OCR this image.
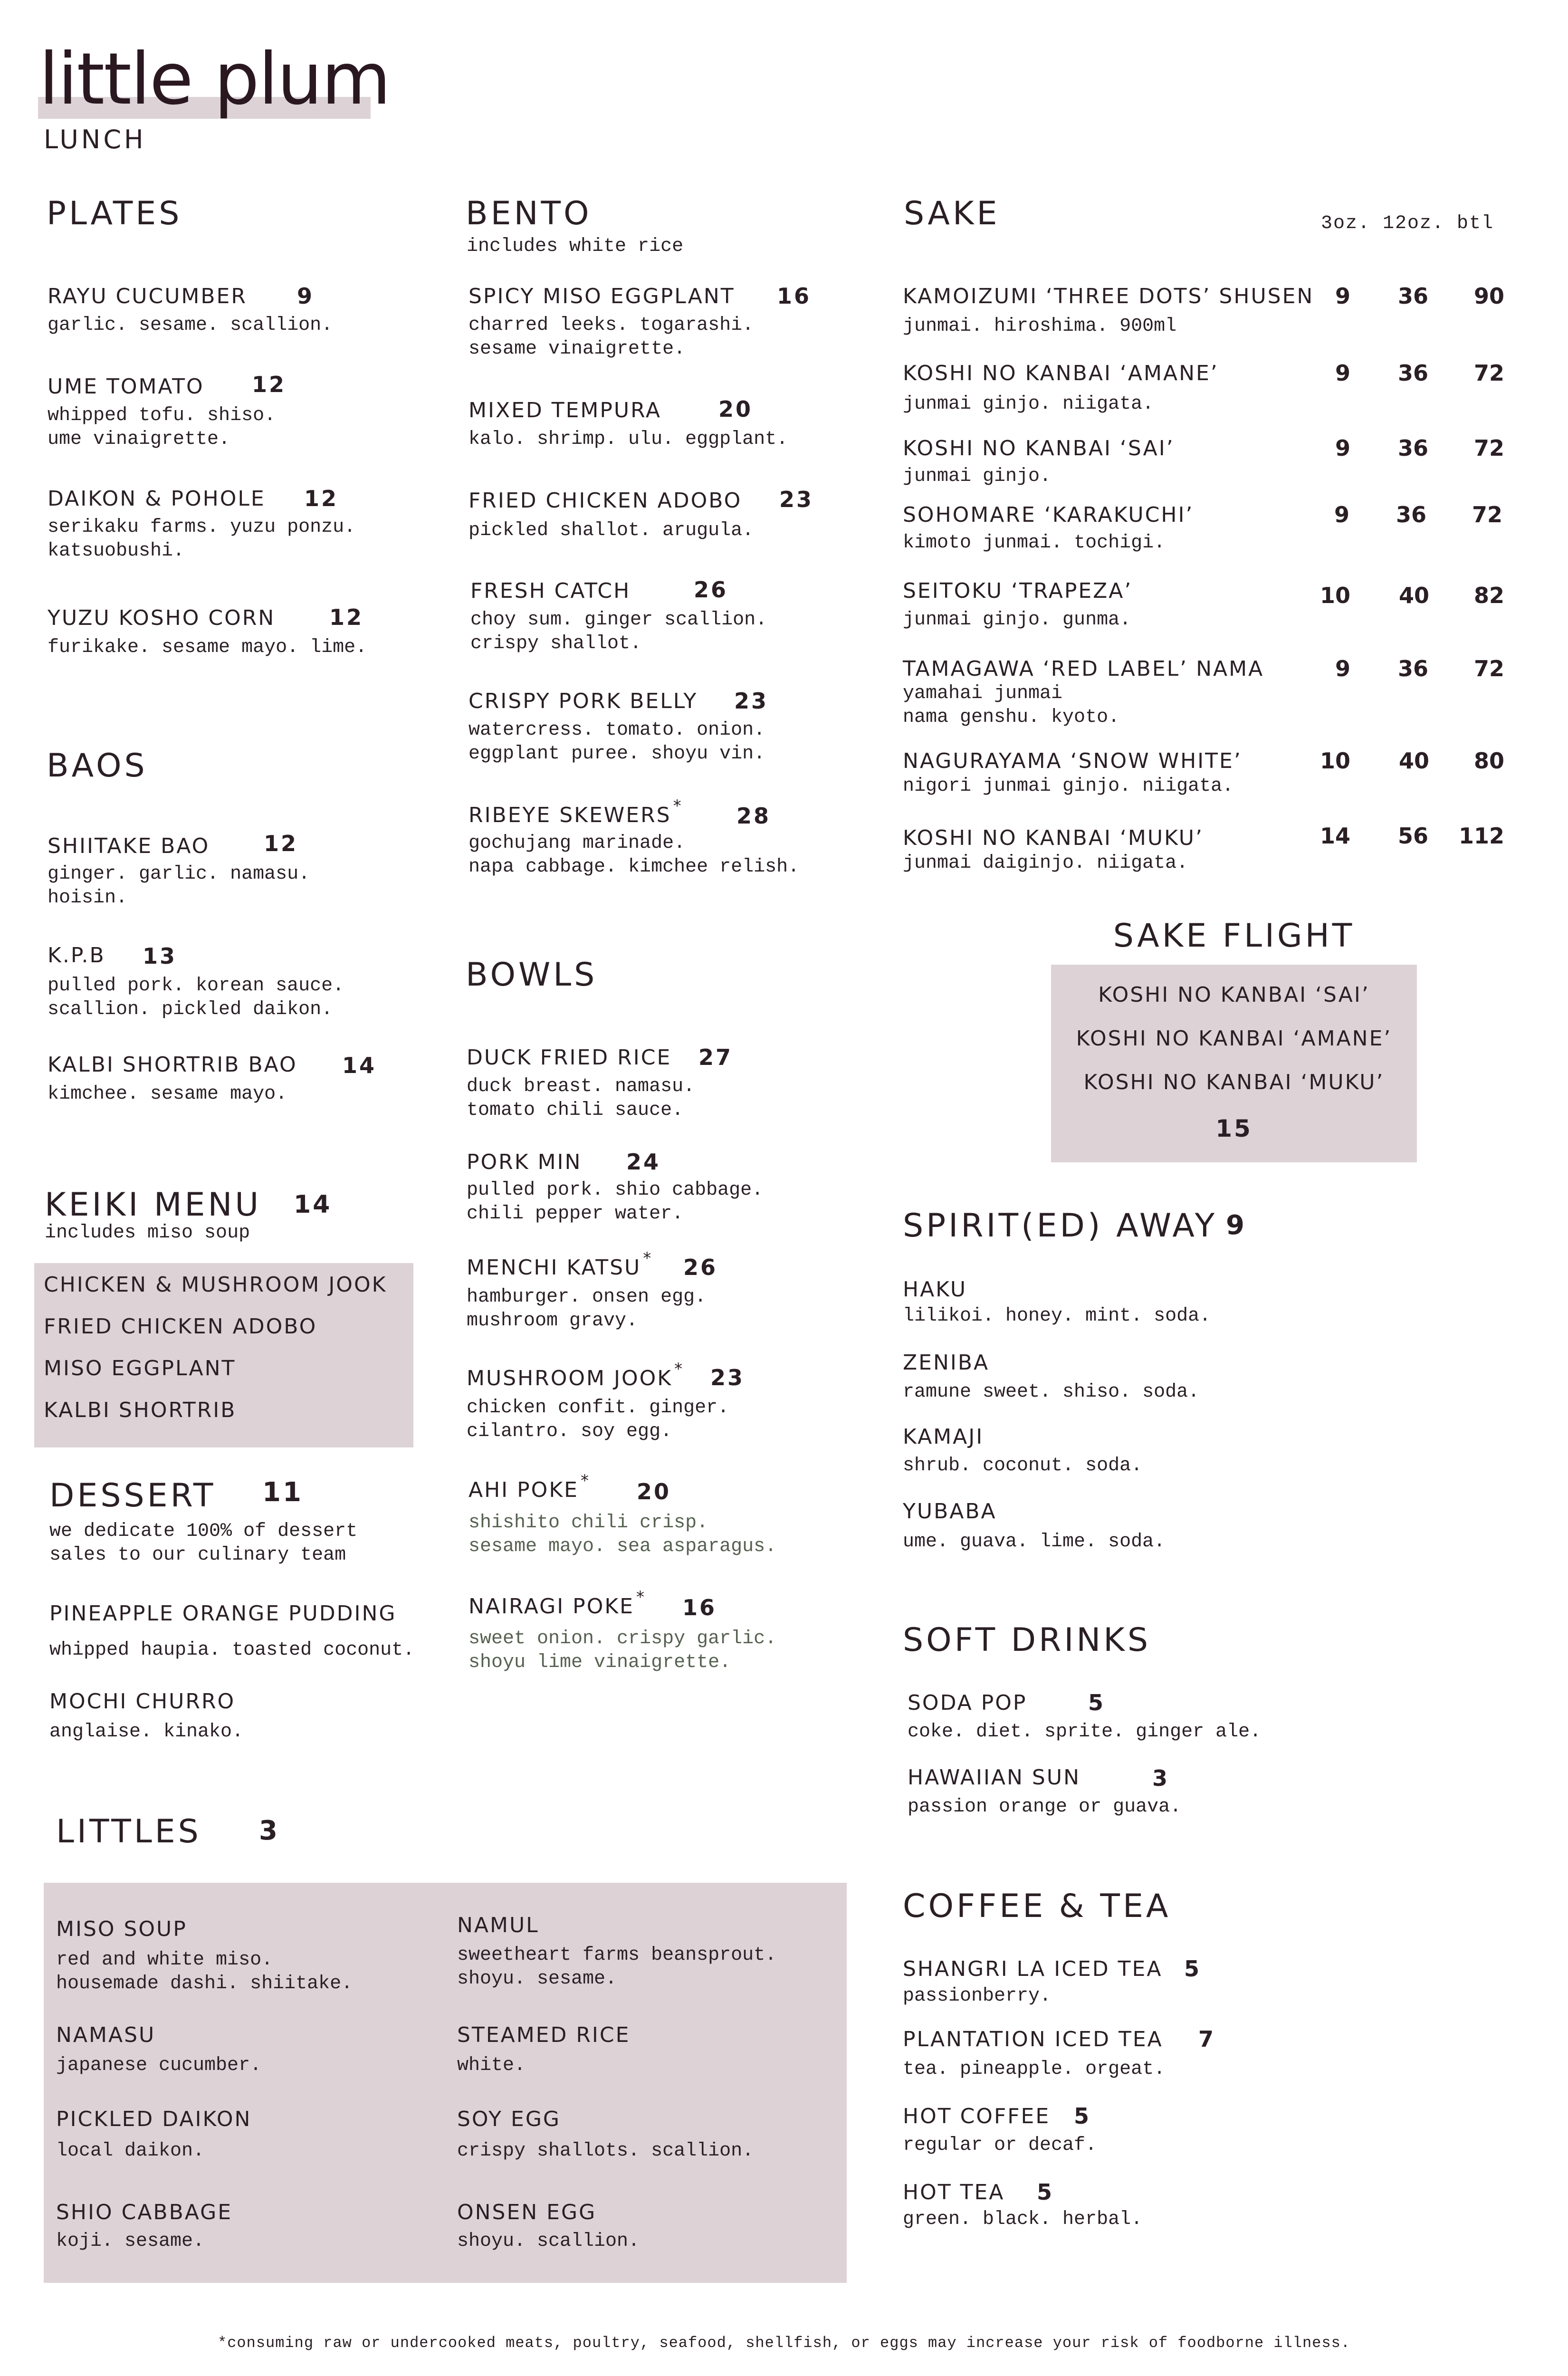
little plum
LUNCH
PLATES
RAYU CUCUMBER 9
garlic. sesame. scallion.
UME TOMATO 12
whipped tofu. shiso.
ume vinaigrette.
DAIKON & POHOLE 12
serikaku farms. yuzu ponzu.
katsuobushi.
YUZU KOSHO CORN 12
furikake. sesame mayo. lime.
BAOS
SHIITAKE BAO 12
ginger. garlic. namasu.
hoisin.
K.P.B 13
pulled pork. korean sauce.
scallion. pickled daikon.
KALBI SHORTRIB BAO 14
kimchee. sesame mayo.
KEIKI MENU 14
includes miso soup
CHICKEN & MUSHROOM JOOK
FRIED CHICKEN ADOBO
MISO EGGPLANT
KALBI SHORTRIB
DESSERT 11
we dedicate 100% of dessert
sales to our culinary team
PINEAPPLE ORANGE PUDDING
whipped haupia. toasted coconut.
MOCHI CHURRO
anglaise. kinako.
BENTO
includes white rice
SPICY MISO EGGPLANT 16
charred leeks. togarashi.
sesame vinaigrette.
MIXED TEMPURA	20
kalo. shrimp. ulu. eggplant.
FRIED CHICKEN ADOBO 23
pickled shallot. arugula.
FRESH CATCH	26
choy sum. ginger scallion.
crispy shallot.
CRISPY PORK BELLY 23
watercress. tomato. onion.
eggplant puree. shoyu vin.
RIBEYE SKEWERS * 28
gochujang marinade.
napa cabbage. kimchee relish.
BOWLS
DUCK FRIED RICE 27
duck breast. namasu.
tomato chili sauce.
PORK MIN 24
pulled pork. shio cabbage.
chili pepper water.
MENCHI KATSU * 26
hamburger. onsen egg.
mushroom gravy.
MUSHROOM JOOK * 23
chicken confit. ginger.
cilantro. soy egg.
AHI POKE * 20
shishito chili crisp.
sesame mayo. sea asparagus.
NAIRAGI POKE * 16
sweet onion. crispy garlic.
shoyu lime vinaigrette.
LITTLES 3
MISO SOUP
red and white miso.
housemade dashi. shiitake.
NAMASU
japanese cucumber.
PICKLED DAIKON
local daikon.
SHIO CABBAGE
koji. sesame.
NAMUL
sweetheart farms beansprout.
shoyu. sesame.
STEAMED RICE
white.
SOY EGG
crispy shallots. scallion.
ONSEN EGG
shoyu. scallion.
SAKE	3oz. 12oz. btl
KAMOIZUMI ‘THREE DOTS’ SHUSEN
junmai. hiroshima. 900ml
9	36	90
KOSHI NO KANBAI ‘AMANE’
junmai ginjo. niigata.
9	36	72
KOSHI NO KANBAI ‘SAI’
junmai ginjo.
9	36	72
SOHOMARE ‘KARAKUCHI’
kimoto junmai. tochigi.
9	36	72
SEITOKU ‘TRAPEZA’
junmai ginjo. gunma.
10	40	82
TAMAGAWA ‘RED LABEL’ NAMA
yamahai junmai
nama genshu. kyoto.
9	36	72
NAGURAYAMA ‘SNOW WHITE’
nigori junmai ginjo. niigata.
10	40	80
KOSHI NO KANBAI ‘MUKU’
junmai daiginjo. niigata.
14	56	112
SAKE FLIGHT
KOSHI NO KANBAI ‘SAI’
KOSHI NO KANBAI ‘AMANE’
KOSHI NO KANBAI ‘MUKU’
15
SPIRIT(ED) AWAY 9
HAKU
lilikoi. honey. mint. soda.
ZENIBA
ramune sweet. shiso. soda.
KAMAJI
shrub. coconut. soda.
YUBABA
ume. guava. lime. soda.
SOFT DRINKS
SODA POP	5
coke. diet. sprite. ginger ale.
HAWAIIAN SUN	3
passion orange or guava.
COFFEE & TEA
SHANGRI LA ICED TEA 5
passionberry.
PLANTATION ICED TEA 7
tea. pineapple. orgeat.
HOT COFFEE 5
regular or decaf.
HOT TEA 5
green. black. herbal.
*consuming raw or undercooked meats, poultry, seafood, shellfish, or eggs may increase your risk of foodborne illness.
